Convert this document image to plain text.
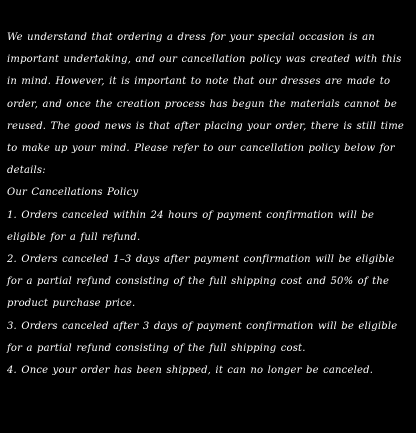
We understand that ordering a dress for your special occasion is an important undertaking, and our cancellation policy was created with this in mind. However, it is important to note that our dresses are made to order, and once the creation process has begun the materials cannot be reused. The good news is that after placing your order, there is still time to make up your mind. Please refer to our cancellation policy below for details:

Our Cancellations Policy

1. Orders canceled within 24 hours of payment confirmation will be eligible for a full refund.

2. Orders canceled 1–3 days after payment confirmation will be eligible for a partial refund consisting of the full shipping cost and 50% of the product purchase price.

3. Orders canceled after 3 days of payment confirmation will be eligible for a partial refund consisting of the full shipping cost.

4. Once your order has been shipped, it can no longer be canceled.
